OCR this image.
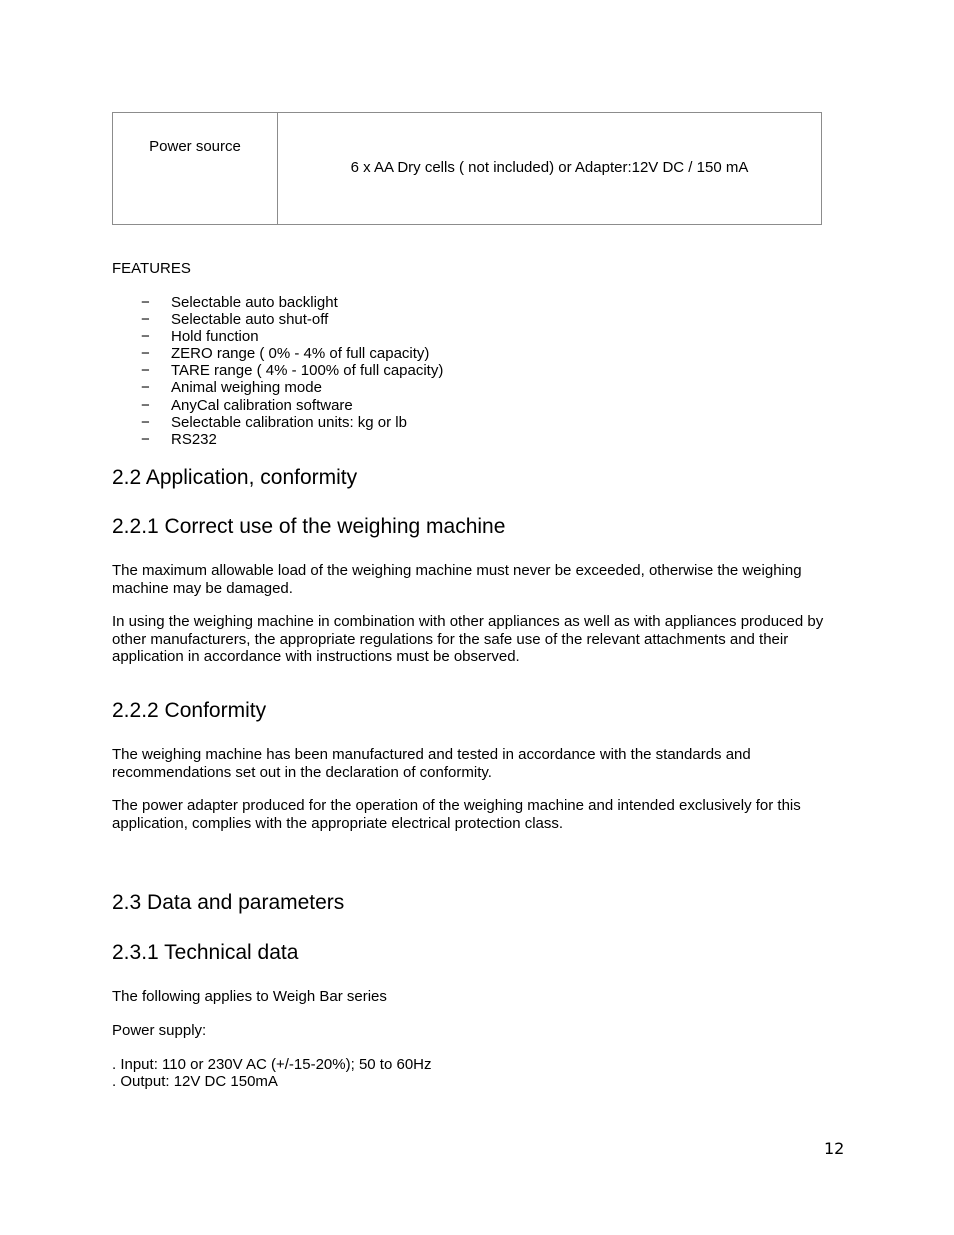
Power source
6 x AA Dry cells ( not included) or Adapter:12V DC / 150 mA
FEATURES
− Selectable auto backlight
− Selectable auto shut-off
− Hold function
− ZERO range ( 0% - 4% of full capacity)
− TARE range ( 4% - 100% of full capacity)
− Animal weighing mode
− AnyCal calibration software
− Selectable calibration units: kg or lb
− RS232
2.2 Application, conformity
2.2.1 Correct use of the weighing machine
The maximum allowable load of the weighing machine must never be exceeded, otherwise the weighing machine may be damaged.
In using the weighing machine in combination with other appliances as well as with appliances produced by other manufacturers, the appropriate regulations for the safe use of the relevant attachments and their application in accordance with instructions must be observed.
2.2.2 Conformity
The weighing machine has been manufactured and tested in accordance with the standards and recommendations set out in the declaration of conformity.
The power adapter produced for the operation of the weighing machine and intended exclusively for this application, complies with the appropriate electrical protection class.
2.3 Data and parameters
2.3.1 Technical data
The following applies to Weigh Bar series
Power supply:
. Input: 110 or 230V AC (+/-15-20%); 50 to 60Hz
. Output: 12V DC 150mA
12
